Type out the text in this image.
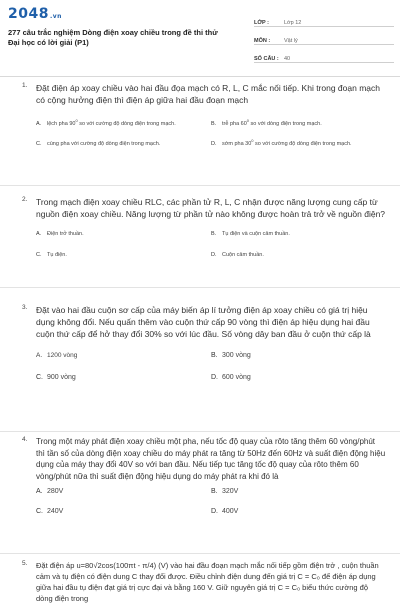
2048.vn
277 câu trắc nghiệm Dòng điện xoay chiều trong đề thi thử Đại học có lời giải (P1)
LỚP :	Lớp 12
MÔN :	Vật lý
SỐ CÂU : 40
1. Đặt điện áp xoay chiều vào hai đầu đọa mạch có R, L, C mắc nối tiếp. Khi trong đoạn mạch có cộng hưởng điện thì điện áp giữa hai đầu đoạn mạch
A.	lệch pha $90^0$ so với cường độ dòng điện trong mạch.	B.	trễ pha $60^0$ so với dòng điện trong mạch.
C.	cùng pha với cường độ dòng điện trong mạch.	D.	sớm pha $30^0$ so với cường độ dòng điện trong mạch.
2. Trong mạch điện xoay chiều RLC, các phần tử R, L, C nhận được năng lượng cung cấp từ nguồn điện xoay chiều. Năng lượng từ phần tử nào không được hoàn trả trở về nguồn điện?
A.	Điện trở thuần.	B.	Tụ điện và cuộn cảm thuần.
C.	Tụ điện.	D.	Cuộn cảm thuần.
3. Đặt vào hai đầu cuộn sơ cấp của máy biến áp lí tưởng điện áp xoay chiều có giá trị hiệu dụng không đổi. Nếu quấn thêm vào cuộn thứ cấp 90 vòng thì điện áp hiệu dụng hai đầu cuộn thứ cấp để hở thay đổi 30% so với lúc đầu. Số vòng dây ban đầu ở cuộn thứ cấp là
A. 1200 vòng	B. 300 vòng
C. 900 vòng	D. 600 vòng
4. Trong một máy phát điện xoay chiều một pha, nếu tốc độ quay của rôto tăng thêm 60 vòng/phút thì tần số của dòng điện xoay chiều do máy phát ra tăng từ 50Hz đến 60Hz và suất điện động hiệu dụng của máy thay đổi 40V so với ban đầu. Nếu tiếp tục tăng tốc độ quay của rôto thêm 60 vòng/phút nữa thì suất điện động hiệu dụng do máy phát ra khi đó là
A. 280V	B. 320V
C. 240V	D. 400V
5. Đặt điện áp u=80√2cos(100πt - π/4) (V) vào hai đầu đoạn mạch mắc nối tiếp gồm điện trở , cuộn thuần cảm và tụ điện có điện dung C thay đổi được. Điều chỉnh điện dung đến giá trị C = C₀ để điện áp dụng giữa hai đầu tụ điện đạt giá trị cực đại và bằng 160 V. Giữ nguyên giá trị C = C₀ biểu thức cường độ dòng điện trong
